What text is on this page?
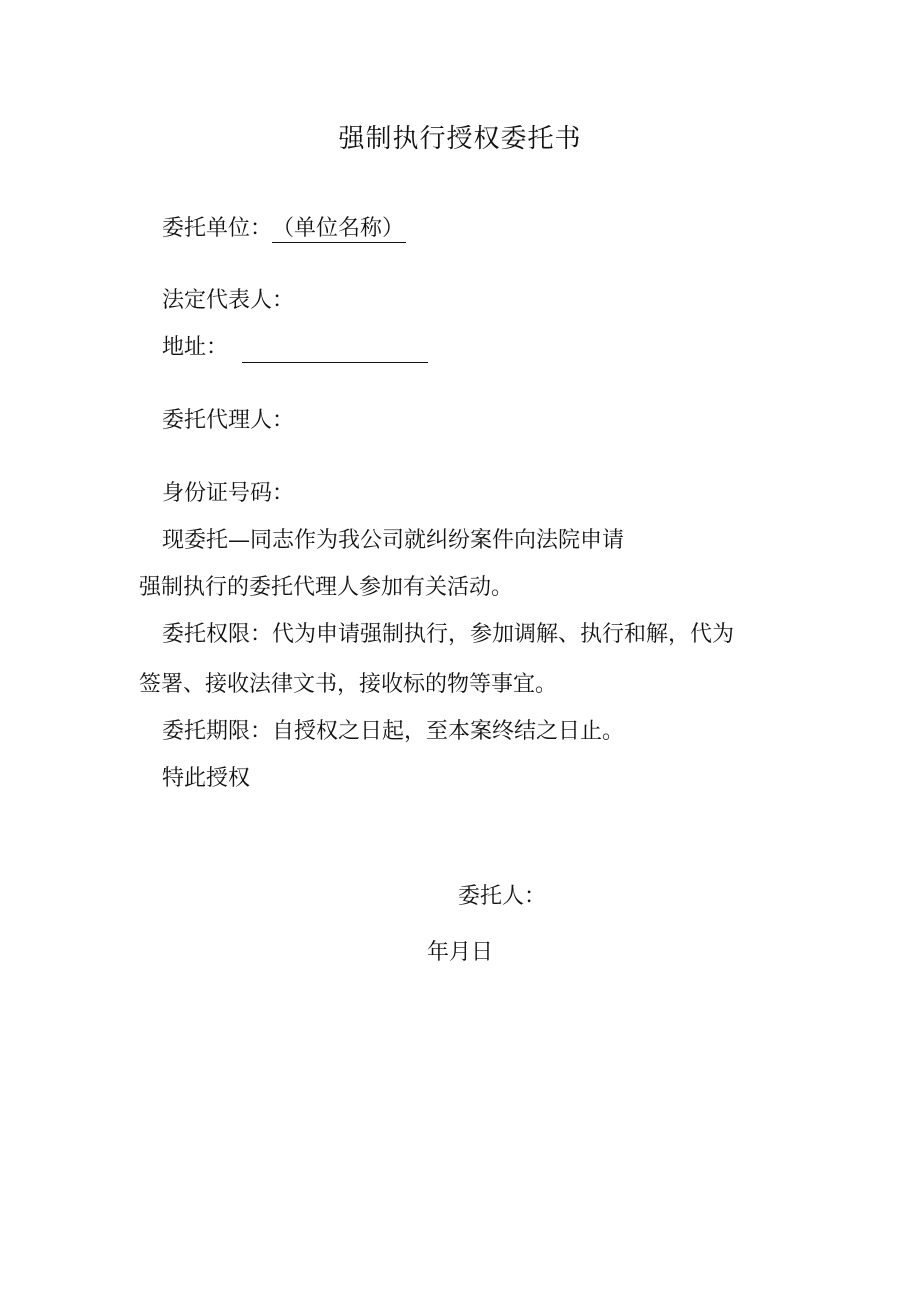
强制执行授权委托书
委托单位：（单位名称）
法定代表人：
地址：
委托代理人：
身份证号码：
现委托—同志作为我公司就纠纷案件向法院申请
强制执行的委托代理人参加有关活动。
委托权限：代为申请强制执行，参加调解、执行和解，代为
签署、接收法律文书，接收标的物等事宜。
委托期限：自授权之日起，至本案终结之日止。
特此授权
委托人：
年月日
